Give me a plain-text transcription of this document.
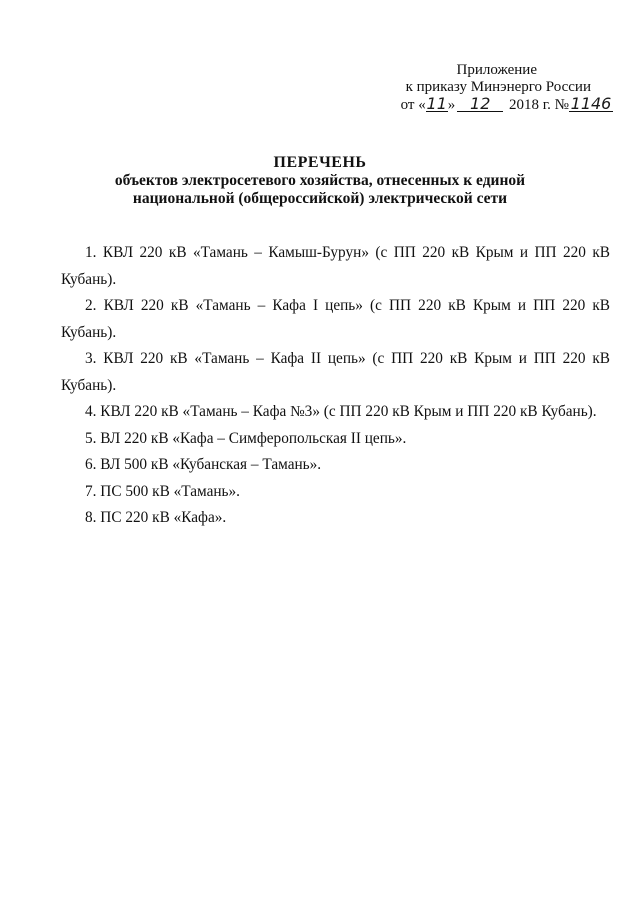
Приложение
к приказу Минэнерго России
от «11» 12 2018 г. № 1146
ПЕРЕЧЕНЬ
объектов электросетевого хозяйства, отнесенных к единой
национальной (общероссийской) электрической сети
1. КВЛ 220 кВ «Тамань – Камыш-Бурун» (с ПП 220 кВ Крым и ПП 220 кВ Кубань).
2. КВЛ 220 кВ «Тамань – Кафа I цепь» (с ПП 220 кВ Крым и ПП 220 кВ Кубань).
3. КВЛ 220 кВ «Тамань – Кафа II цепь» (с ПП 220 кВ Крым и ПП 220 кВ Кубань).
4. КВЛ 220 кВ «Тамань – Кафа №3» (с ПП 220 кВ Крым и ПП 220 кВ Кубань).
5. ВЛ 220 кВ «Кафа – Симферопольская II цепь».
6. ВЛ 500 кВ «Кубанская – Тамань».
7. ПС 500 кВ «Тамань».
8. ПС 220 кВ «Кафа».
